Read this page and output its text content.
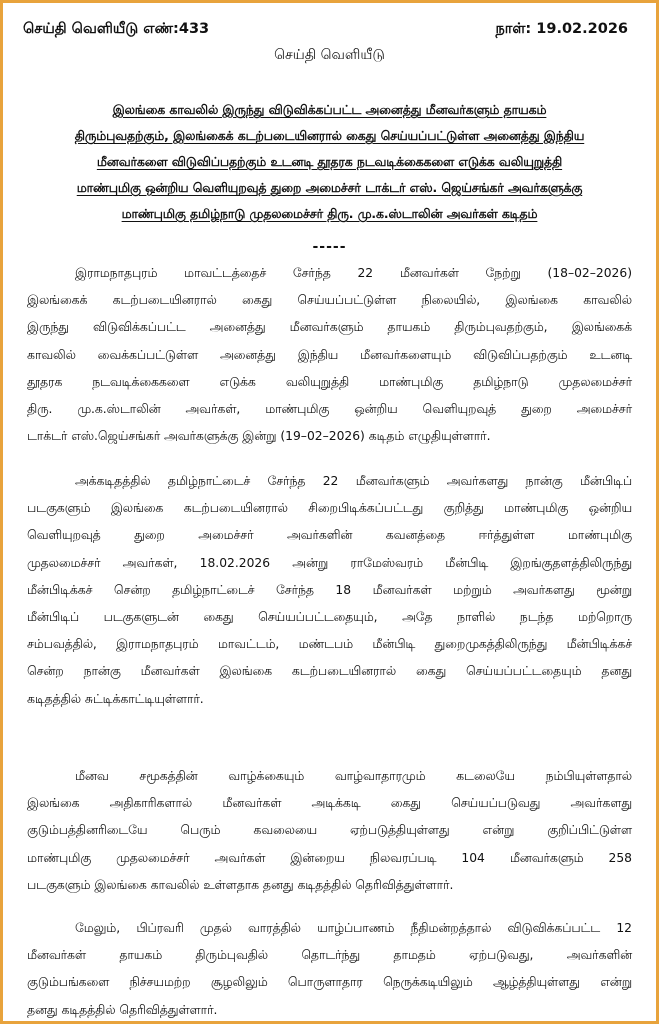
செய்தி வெளியீடு எண்:433	நாள்: 19.02.2026
செய்தி வெளியீடு
இலங்கை காவலில் இருந்து விடுவிக்கப்பட்ட அனைத்து மீனவர்களும் தாயகம்
திரும்புவதற்கும், இலங்கைக் கடற்படையினரால் கைது செய்யப்பட்டுள்ள அனைத்து இந்திய
மீனவர்களை விடுவிப்பதற்கும் உடனடி தூதரக நடவடிக்கைகளை எடுக்க வலியுறுத்தி
மாண்புமிகு ஒன்றிய வெளியுறவுத் துறை அமைச்சர் டாக்டர் எஸ். ஜெய்சங்கர் அவர்களுக்கு
மாண்புமிகு தமிழ்நாடு முதலமைச்சர் திரு. மு.க.ஸ்டாலின் அவர்கள் கடிதம்
-----
இராமநாதபுரம் மாவட்டத்தைச் சேர்ந்த 22 மீனவர்கள் நேற்று (18–02–2026)
இலங்கைக் கடற்படையினரால் கைது செய்யப்பட்டுள்ள நிலையில், இலங்கை காவலில்
இருந்து விடுவிக்கப்பட்ட அனைத்து மீனவர்களும் தாயகம் திரும்புவதற்கும், இலங்கைக்
காவலில் வைக்கப்பட்டுள்ள அனைத்து இந்திய மீனவர்களையும் விடுவிப்பதற்கும் உடனடி
தூதரக நடவடிக்கைகளை எடுக்க வலியுறுத்தி மாண்புமிகு தமிழ்நாடு முதலமைச்சர்
திரு. மு.க.ஸ்டாலின் அவர்கள், மாண்புமிகு ஒன்றிய வெளியுறவுத் துறை அமைச்சர்
டாக்டர் எஸ்.ஜெய்சங்கர் அவர்களுக்கு இன்று (19–02–2026) கடிதம் எழுதியுள்ளார்.
அக்கடிதத்தில் தமிழ்நாட்டைச் சேர்ந்த 22 மீனவர்களும் அவர்களது நான்கு மீன்பிடிப்
படகுகளும் இலங்கை கடற்படையினரால் சிறைபிடிக்கப்பட்டது குறித்து மாண்புமிகு ஒன்றிய
வெளியுறவுத் துறை அமைச்சர் அவர்களின் கவனத்தை ஈர்த்துள்ள மாண்புமிகு
முதலமைச்சர் அவர்கள், 18.02.2026 அன்று ராமேஸ்வரம் மீன்பிடி இறங்குதளத்திலிருந்து
மீன்பிடிக்கச் சென்ற தமிழ்நாட்டைச் சேர்ந்த 18 மீனவர்கள் மற்றும் அவர்களது மூன்று
மீன்பிடிப் படகுகளுடன் கைது செய்யப்பட்டதையும், அதே நாளில் நடந்த மற்றொரு
சம்பவத்தில், இராமநாதபுரம் மாவட்டம், மண்டபம் மீன்பிடி துறைமுகத்திலிருந்து மீன்பிடிக்கச்
சென்ற நான்கு மீனவர்கள் இலங்கை கடற்படையினரால் கைது செய்யப்பட்டதையும் தனது
கடிதத்தில் சுட்டிக்காட்டியுள்ளார்.
மீனவ சமூகத்தின் வாழ்க்கையும் வாழ்வாதாரமும் கடலையே நம்பியுள்ளதால்
இலங்கை அதிகாரிகளால் மீனவர்கள் அடிக்கடி கைது செய்யப்படுவது அவர்களது
குடும்பத்தினரிடையே பெரும் கவலையை ஏற்படுத்தியுள்ளது என்று குறிப்பிட்டுள்ள
மாண்புமிகு முதலமைச்சர் அவர்கள் இன்றைய நிலவரப்படி 104 மீனவர்களும் 258
படகுகளும் இலங்கை காவலில் உள்ளதாக தனது கடிதத்தில் தெரிவித்துள்ளார்.
மேலும், பிப்ரவரி முதல் வாரத்தில் யாழ்ப்பாணம் நீதிமன்றத்தால் விடுவிக்கப்பட்ட 12
மீனவர்கள் தாயகம் திரும்புவதில் தொடர்ந்து தாமதம் ஏற்படுவது, அவர்களின்
குடும்பங்களை நிச்சயமற்ற சூழலிலும் பொருளாதார நெருக்கடியிலும் ஆழ்த்தியுள்ளது என்று
தனது கடிதத்தில் தெரிவித்துள்ளார்.
